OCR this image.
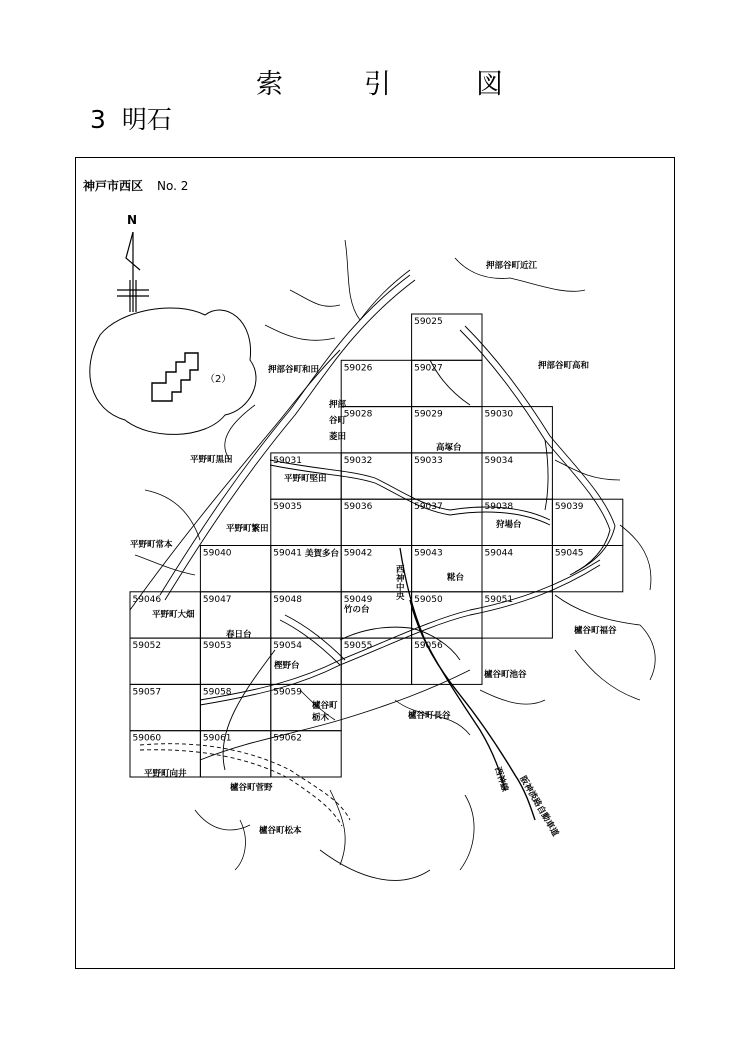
索	引	図
3 明石
神戸市西区 No. 2
N
（2）
59025
59026	59027
59028	59029	59030
59031	59032	59033	59034
59035	59036	59037	59038	59039
59040	59041	59042	59043	59044	59045
59046	59047	59048	59049	59050	59051
59052	59053	59054	59055	59056
59057	59058	59059
59060	59061	59062
押部谷町近江
押部谷町高和
押部谷町和田
押部
谷町
菱田
高塚台
平野町黒田
平野町堅田
平野町繁田	狩場台
平野町常本
美賀多台
西
神
中
央
糀台
平野町大畑	竹の台
櫨谷町福谷
春日台
樫野台
櫨谷町池谷
櫨谷町
栃木	櫨谷町長谷
平野町向井
櫨谷町菅野
櫨谷町松本
西神線 阪神淡路自動車道
